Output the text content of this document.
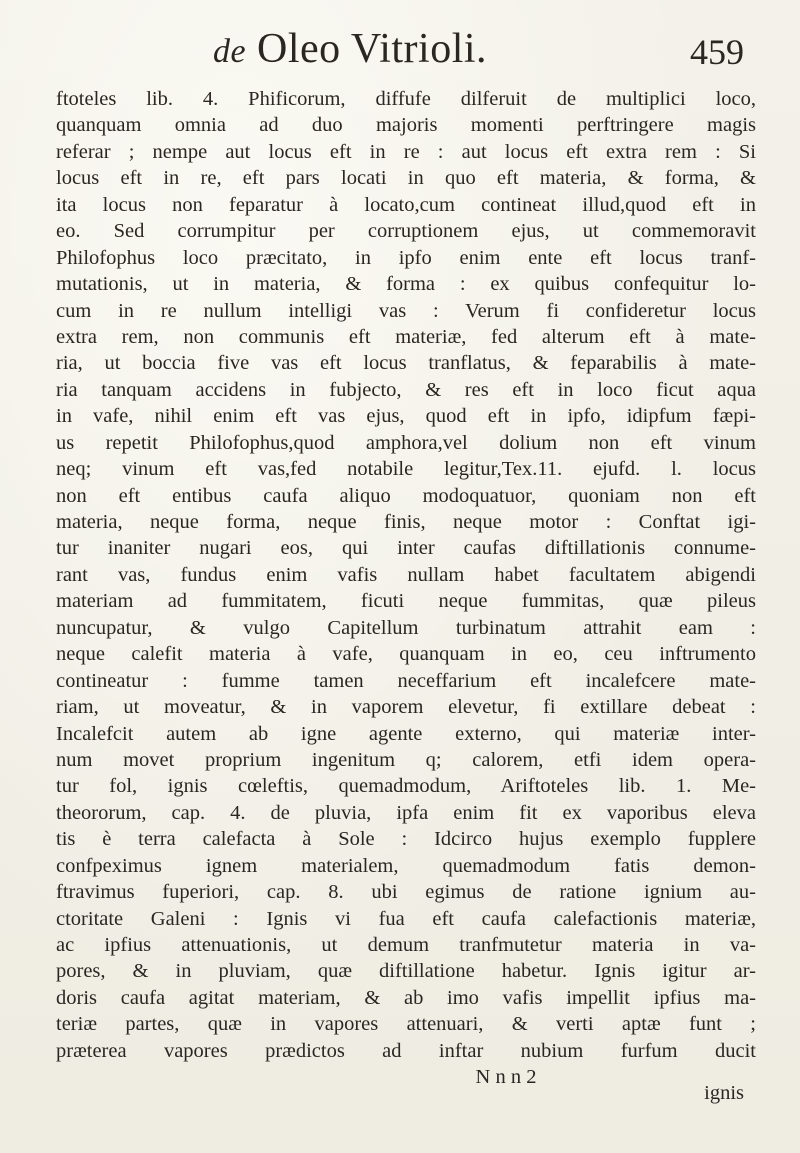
de Oleo Vitrioli.	459
ftoteles lib. 4. Phificorum, diffufe dilferuit de multiplici loco,
quanquam omnia ad duo majoris momenti perftringere magis
referar ; nempe aut locus eft in re : aut locus eft extra rem : Si
locus eft in re, eft pars locati in quo eft materia, & forma, &
ita locus non feparatur à locato,cum contineat illud,quod eft in
eo. Sed corrumpitur per corruptionem ejus, ut commemoravit
Philofophus loco præcitato, in ipfo enim ente eft locus tranf-
mutationis, ut in materia, & forma : ex quibus confequitur lo-
cum in re nullum intelligi vas : Verum fi confideretur locus
extra rem, non communis eft materiæ, fed alterum eft à mate-
ria, ut boccia five vas eft locus tranflatus, & feparabilis à mate-
ria tanquam accidens in fubjecto, & res eft in loco ficut aqua
in vafe, nihil enim eft vas ejus, quod eft in ipfo, idipfum fæpi-
us repetit Philofophus,quod amphora,vel dolium non eft vinum
neq; vinum eft vas,fed notabile legitur,Tex.11. ejufd. l. locus
non eft entibus caufa aliquo modoquatuor, quoniam non eft
materia, neque forma, neque finis, neque motor : Conftat igi-
tur inaniter nugari eos, qui inter caufas diftillationis connume-
rant vas, fundus enim vafis nullam habet facultatem abigendi
materiam ad fummitatem, ficuti neque fummitas, quæ pileus
nuncupatur, & vulgo Capitellum turbinatum attrahit eam :
neque calefit materia à vafe, quanquam in eo, ceu inftrumento
contineatur : fumme tamen neceffarium eft incalefcere mate-
riam, ut moveatur, & in vaporem elevetur, fi extillare debeat :
Incalefcit autem ab igne agente externo, qui materiæ inter-
num movet proprium ingenitum q; calorem, etfi idem opera-
tur fol, ignis cœleftis, quemadmodum, Ariftoteles lib. 1. Me-
theororum, cap. 4. de pluvia, ipfa enim fit ex vaporibus eleva
tis è terra calefacta à Sole : Idcirco hujus exemplo fupplere
confpeximus ignem materialem, quemadmodum fatis demon-
ftravimus fuperiori, cap. 8. ubi egimus de ratione ignium au-
ctoritate Galeni : Ignis vi fua eft caufa calefactionis materiæ,
ac ipfius attenuationis, ut demum tranfmutetur materia in va-
pores, & in pluviam, quæ diftillatione habetur. Ignis igitur ar-
doris caufa agitat materiam, & ab imo vafis impellit ipfius ma-
teriæ partes, quæ in vapores attenuari, & verti aptæ funt ;
præterea vapores prædictos ad inftar nubium furfum ducit
N n n 2
ignis
